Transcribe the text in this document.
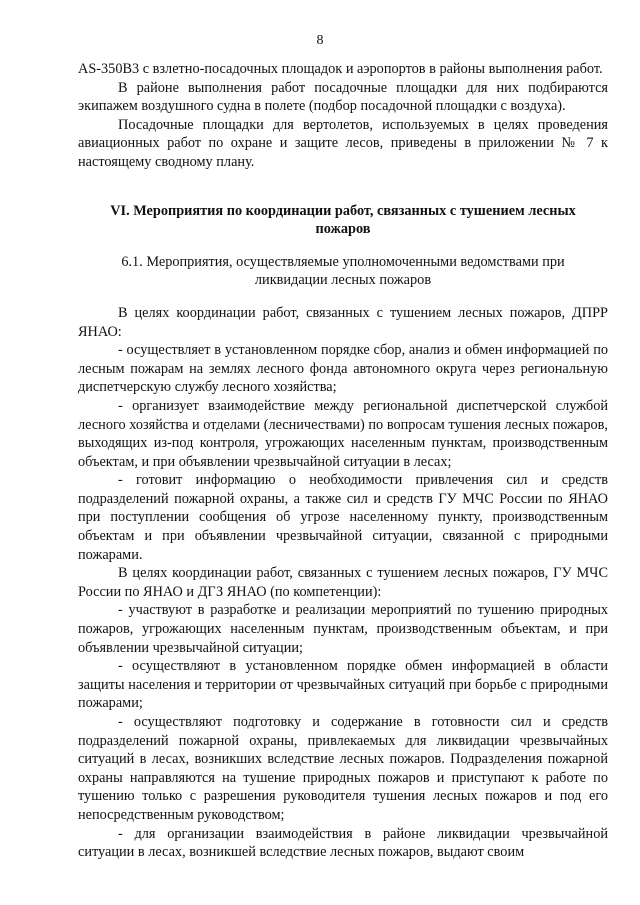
8

AS-350B3 с взлетно-посадочных площадок и аэропортов в районы выполнения работ.

В районе выполнения работ посадочные площадки для них подбираются экипажем воздушного судна в полете (подбор посадочной площадки с воздуха).

Посадочные площадки для вертолетов, используемых в целях проведения авиационных работ по охране и защите лесов, приведены в приложении № 7 к настоящему сводному плану.

VI. Мероприятия по координации работ, связанных с тушением лесных пожаров

6.1. Мероприятия, осуществляемые уполномоченными ведомствами при ликвидации лесных пожаров

В целях координации работ, связанных с тушением лесных пожаров, ДПРР ЯНАО:

- осуществляет в установленном порядке сбор, анализ и обмен информацией по лесным пожарам на землях лесного фонда автономного округа через региональную диспетчерскую службу лесного хозяйства;

- организует взаимодействие между региональной диспетчерской службой лесного хозяйства и отделами (лесничествами) по вопросам тушения лесных пожаров, выходящих из-под контроля, угрожающих населенным пунктам, производственным объектам, и при объявлении чрезвычайной ситуации в лесах;

- готовит информацию о необходимости привлечения сил и средств подразделений пожарной охраны, а также сил и средств ГУ МЧС России по ЯНАО при поступлении сообщения об угрозе населенному пункту, производственным объектам и при объявлении чрезвычайной ситуации, связанной с природными пожарами.

В целях координации работ, связанных с тушением лесных пожаров, ГУ МЧС России по ЯНАО и ДГЗ ЯНАО (по компетенции):

- участвуют в разработке и реализации мероприятий по тушению природных пожаров, угрожающих населенным пунктам, производственным объектам, и при объявлении чрезвычайной ситуации;

- осуществляют в установленном порядке обмен информацией в области защиты населения и территории от чрезвычайных ситуаций при борьбе с природными пожарами;

- осуществляют подготовку и содержание в готовности сил и средств подразделений пожарной охраны, привлекаемых для ликвидации чрезвычайных ситуаций в лесах, возникших вследствие лесных пожаров. Подразделения пожарной охраны направляются на тушение природных пожаров и приступают к работе по тушению только с разрешения руководителя тушения лесных пожаров и под его непосредственным руководством;

- для организации взаимодействия в районе ликвидации чрезвычайной ситуации в лесах, возникшей вследствие лесных пожаров, выдают своим
